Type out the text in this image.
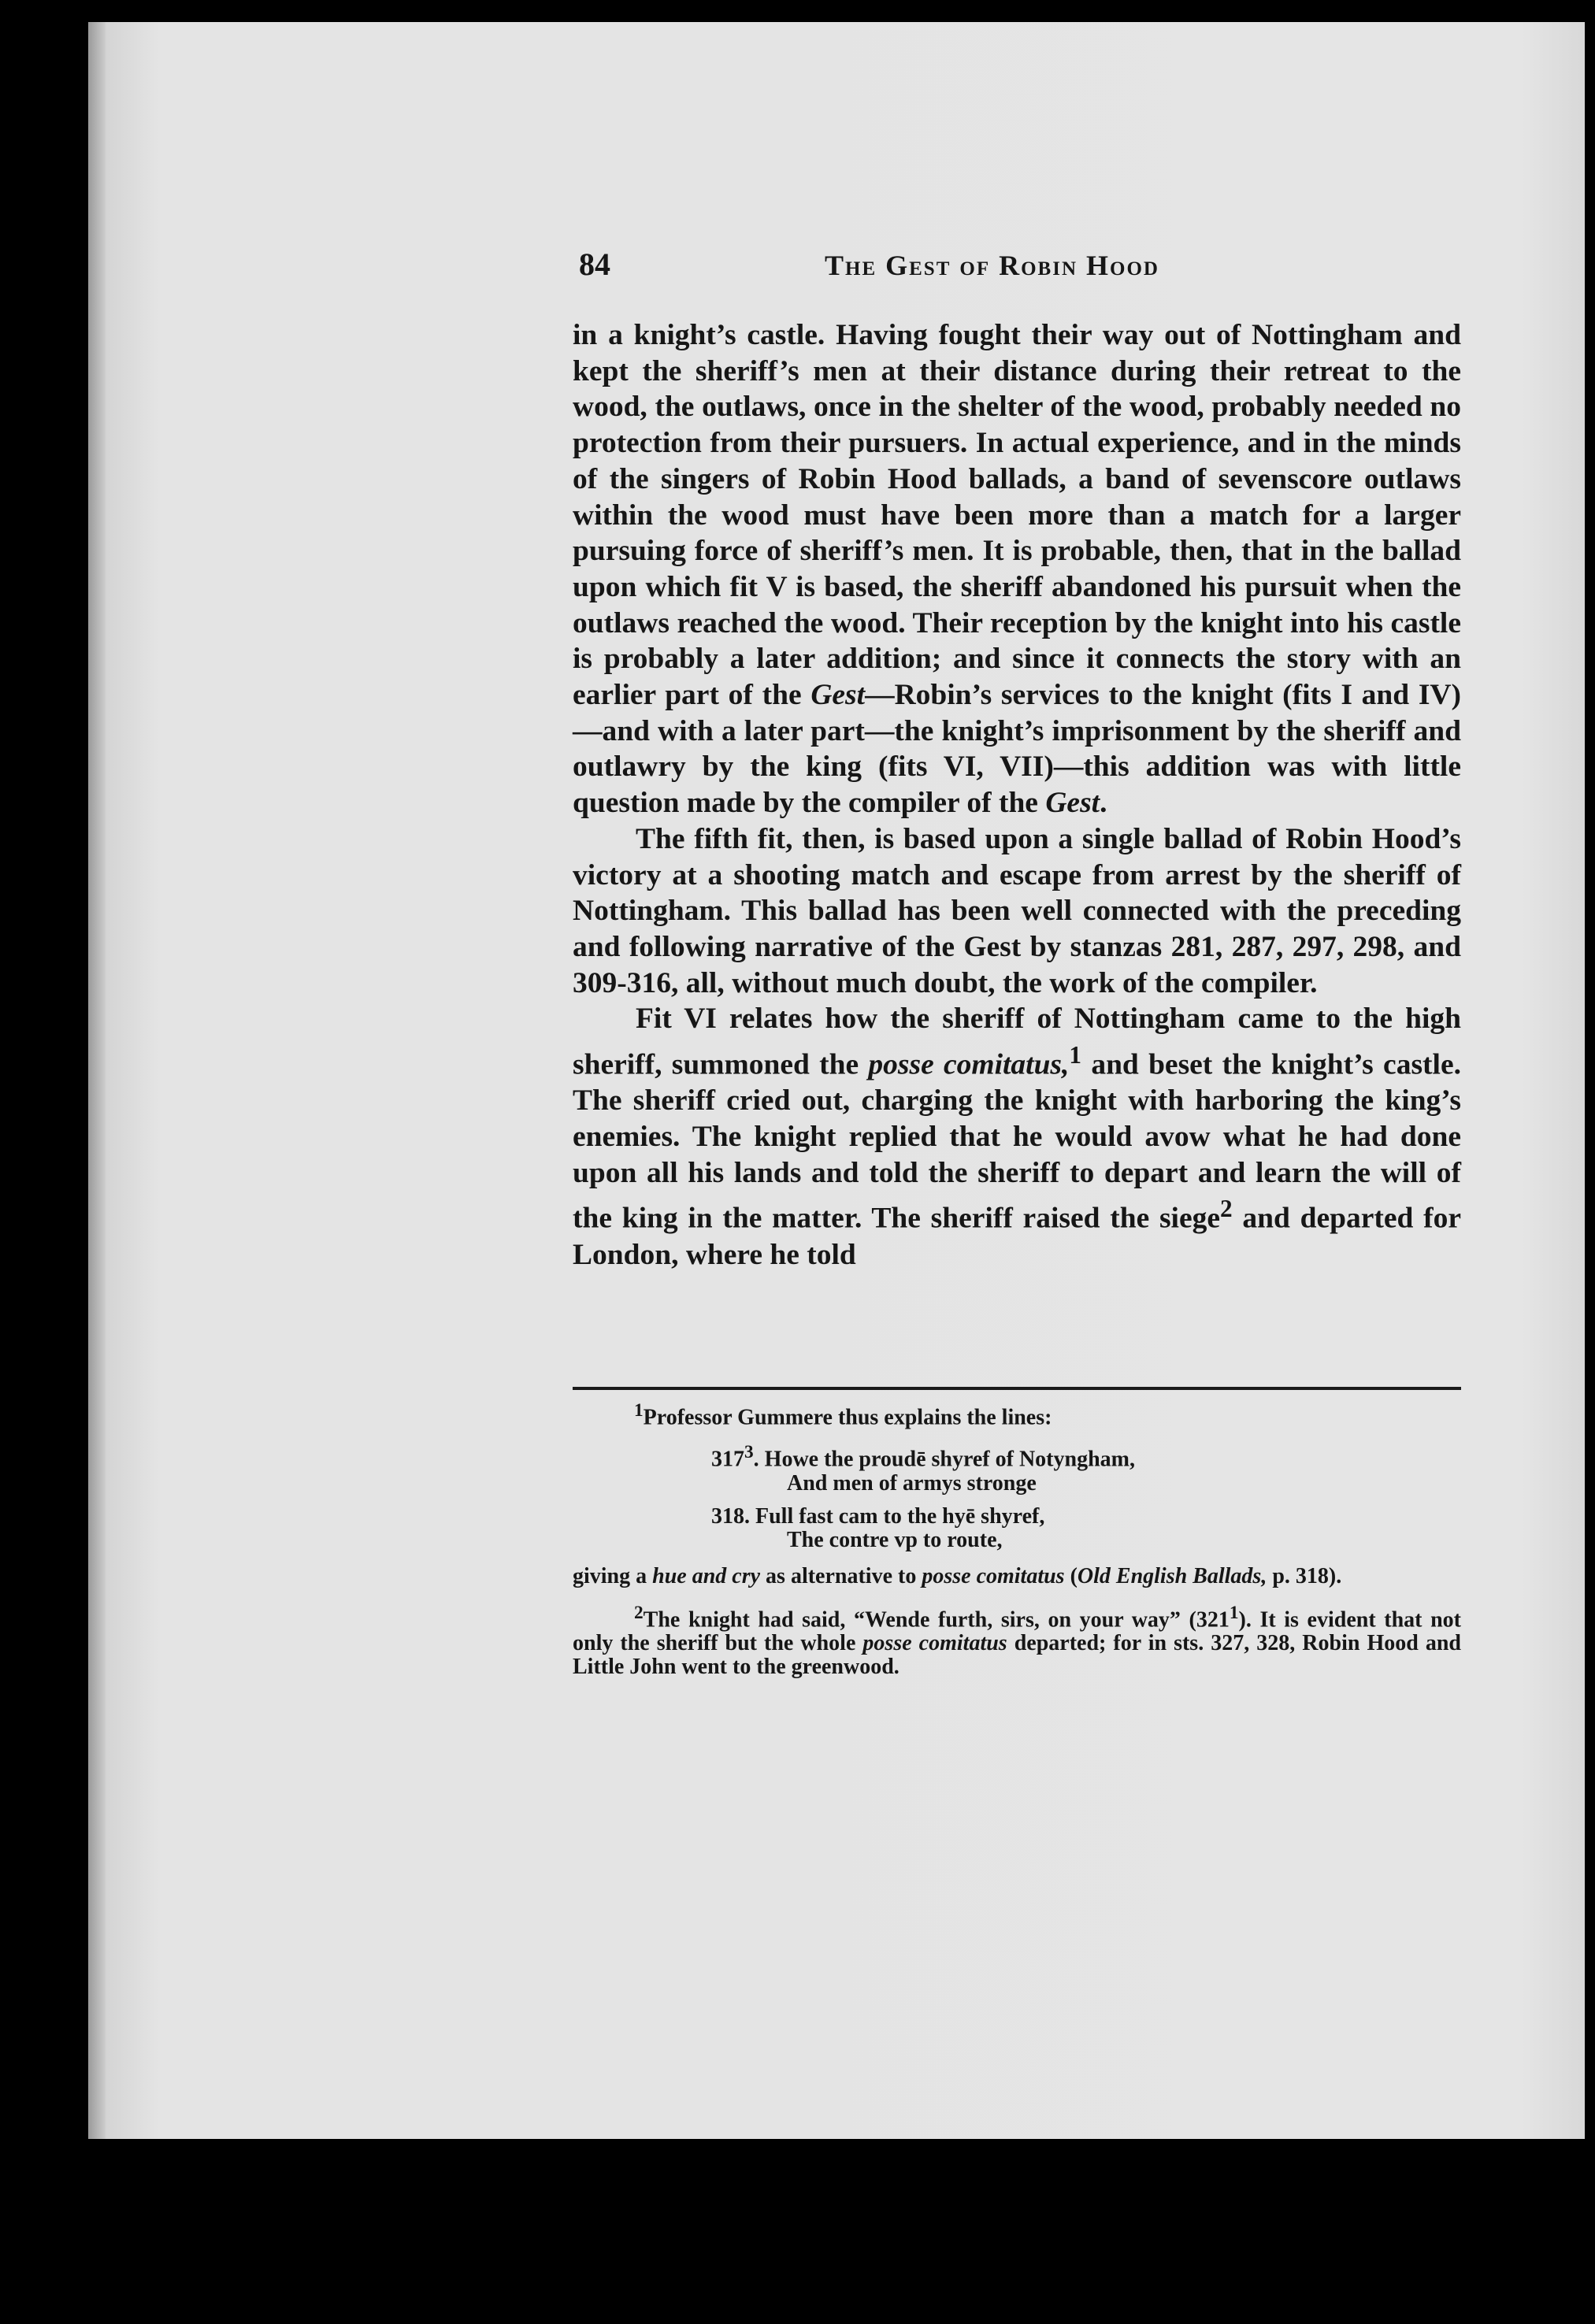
84	The Gest of Robin Hood

in a knight’s castle. Having fought their way out of Nottingham and kept the sheriff’s men at their distance during their retreat to the wood, the outlaws, once in the shelter of the wood, probably needed no protection from their pursuers. In actual experience, and in the minds of the singers of Robin Hood ballads, a band of sevenscore outlaws within the wood must have been more than a match for a larger pursuing force of sheriff’s men. It is probable, then, that in the ballad upon which fit V is based, the sheriff abandoned his pursuit when the outlaws reached the wood. Their reception by the knight into his castle is probably a later addition; and since it connects the story with an earlier part of the Gest—Robin’s services to the knight (fits I and IV)—and with a later part—the knight’s imprisonment by the sheriff and outlawry by the king (fits VI, VII)—this addition was with little question made by the compiler of the Gest.

The fifth fit, then, is based upon a single ballad of Robin Hood’s victory at a shooting match and escape from arrest by the sheriff of Nottingham. This ballad has been well connected with the preceding and following narrative of the Gest by stanzas 281, 287, 297, 298, and 309-316, all, without much doubt, the work of the compiler.

Fit VI relates how the sheriff of Nottingham came to the high sheriff, summoned the posse comitatus,$^1$ and beset the knight’s castle. The sheriff cried out, charging the knight with harboring the king’s enemies. The knight replied that he would avow what he had done upon all his lands and told the sheriff to depart and learn the will of the king in the matter. The sheriff raised the siege$^2$ and departed for London, where he told

$^1$Professor Gummere thus explains the lines:

$317^3$. Howe the proudē shyref of Notyngham,
And men of armys stronge
318. Full fast cam to the hyē shyref,
The contre vp to route,

giving a hue and cry as alternative to posse comitatus (Old English Ballads, p. 318).

$^2$The knight had said, “Wende furth, sirs, on your way” $(321^1)$. It is evident that not only the sheriff but the whole posse comitatus departed; for in sts. 327, 328, Robin Hood and Little John went to the greenwood.
